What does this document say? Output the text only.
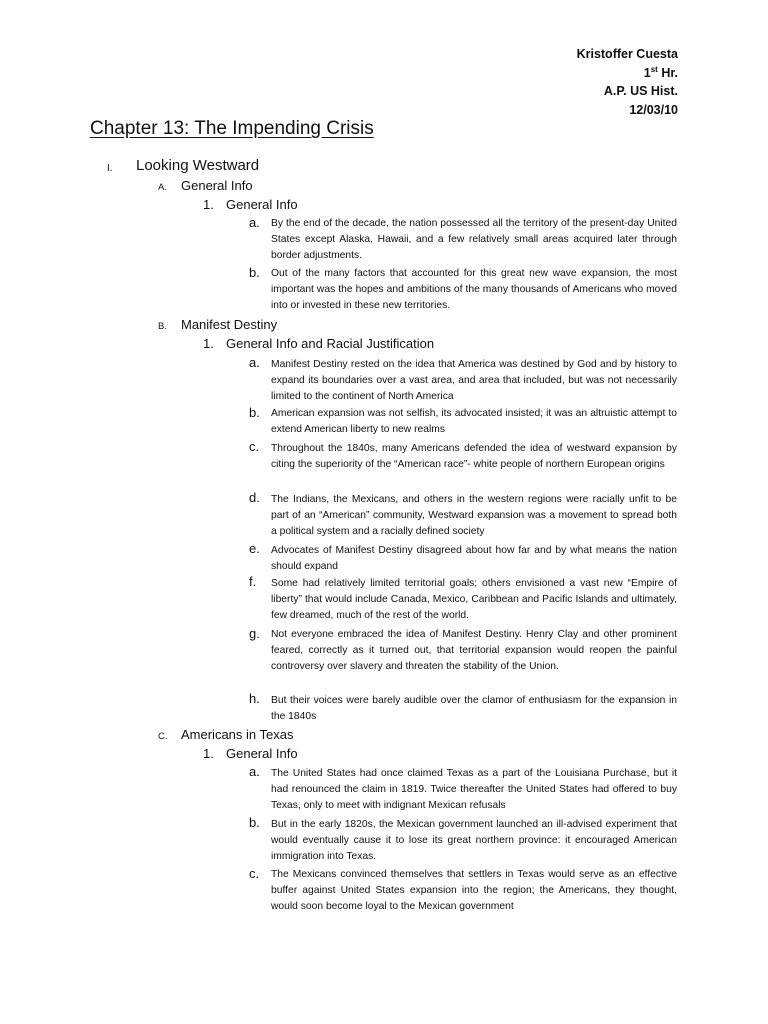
Kristoffer Cuesta
1st Hr.
A.P. US Hist.
12/03/10
Chapter 13: The Impending Crisis
I. Looking Westward
A. General Info
1. General Info
a. By the end of the decade, the nation possessed all the territory of the present-day United States except Alaska, Hawaii, and a few relatively small areas acquired later through border adjustments.
b. Out of the many factors that accounted for this great new wave expansion, the most important was the hopes and ambitions of the many thousands of Americans who moved into or invested in these new territories.
B. Manifest Destiny
1. General Info and Racial Justification
a. Manifest Destiny rested on the idea that America was destined by God and by history to expand its boundaries over a vast area, and area that included, but was not necessarily limited to the continent of North America
b. American expansion was not selfish, its advocated insisted; it was an altruistic attempt to extend American liberty to new realms
c. Throughout the 1840s, many Americans defended the idea of westward expansion by citing the superiority of the “American race”- white people of northern European origins
d. The Indians, the Mexicans, and others in the western regions were racially unfit to be part of an “American” community, Westward expansion was a movement to spread both a political system and a racially defined society
e. Advocates of Manifest Destiny disagreed about how far and by what means the nation should expand
f. Some had relatively limited territorial goals; others envisioned a vast new “Empire of liberty” that would include Canada, Mexico, Caribbean and Pacific Islands and ultimately, few dreamed, much of the rest of the world.
g. Not everyone embraced the idea of Manifest Destiny. Henry Clay and other prominent feared, correctly as it turned out, that territorial expansion would reopen the painful controversy over slavery and threaten the stability of the Union.
h. But their voices were barely audible over the clamor of enthusiasm for the expansion in the 1840s
C. Americans in Texas
1. General Info
a. The United States had once claimed Texas as a part of the Louisiana Purchase, but it had renounced the claim in 1819. Twice thereafter the United States had offered to buy Texas, only to meet with indignant Mexican refusals
b. But in the early 1820s, the Mexican government launched an ill-advised experiment that would eventually cause it to lose its great northern province: it encouraged American immigration into Texas.
c. The Mexicans convinced themselves that settlers in Texas would serve as an effective buffer against United States expansion into the region; the Americans, they thought, would soon become loyal to the Mexican government
